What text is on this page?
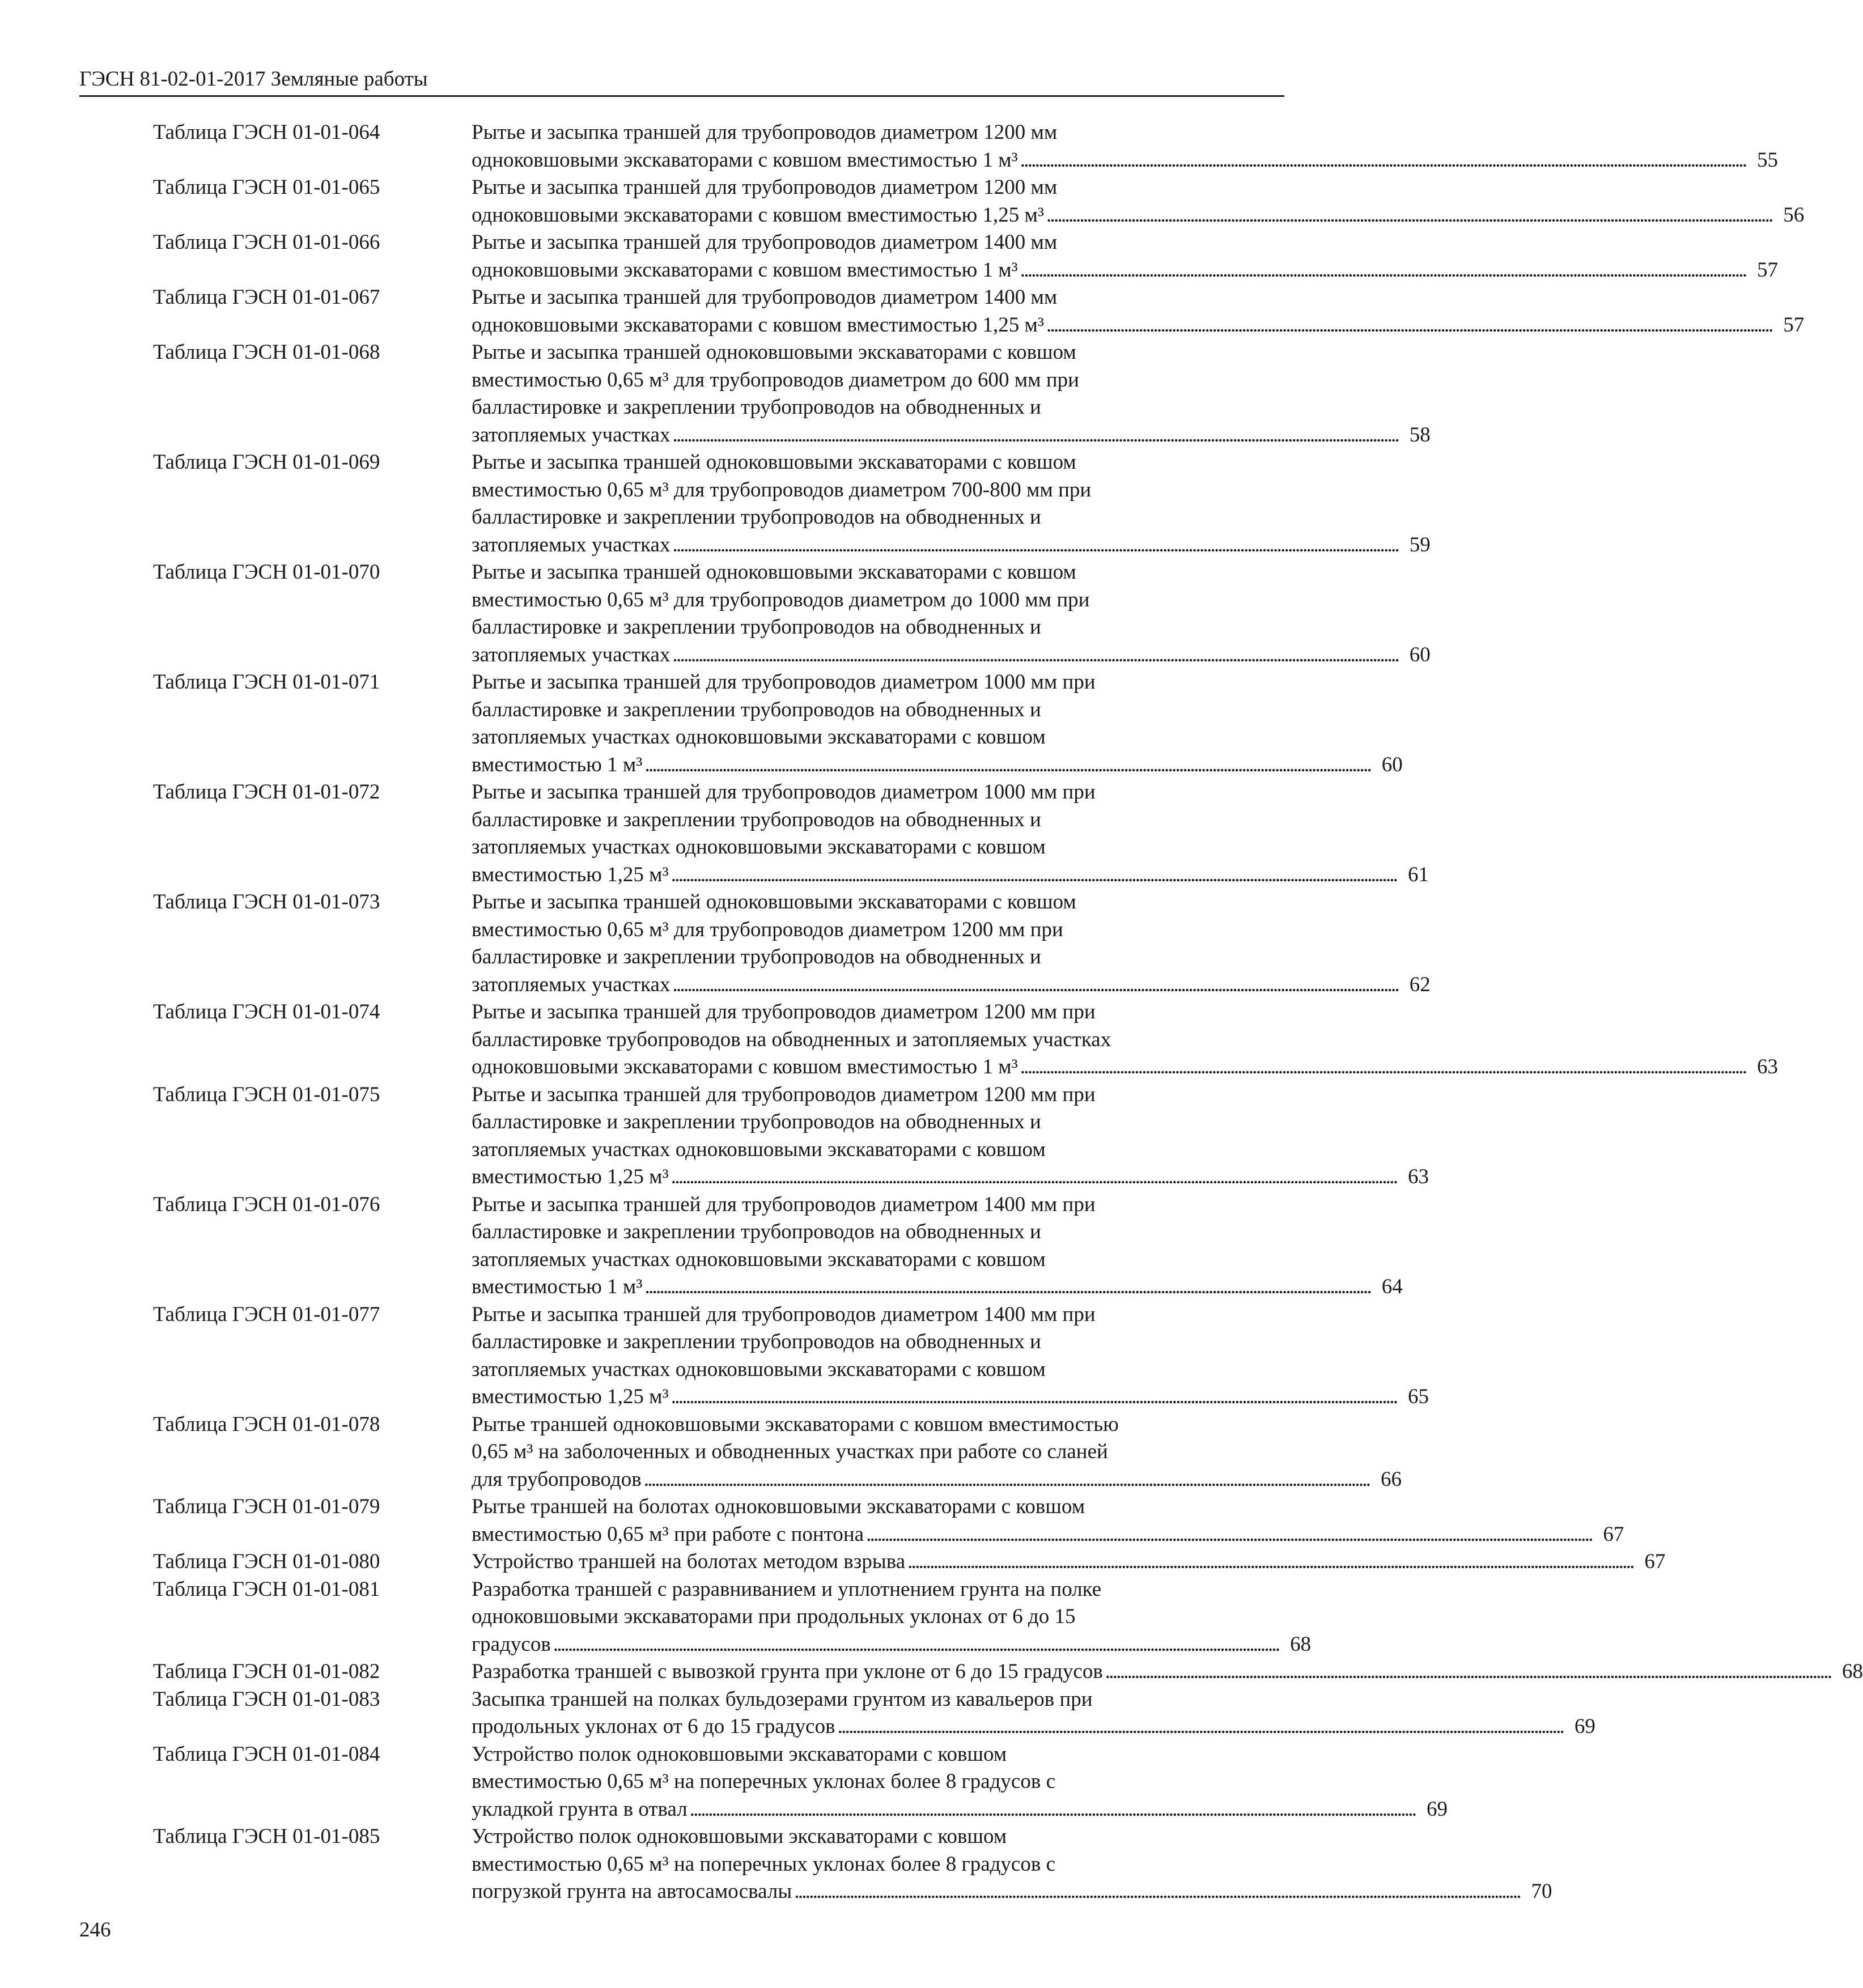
ГЭСН 81-02-01-2017 Земляные работы
Таблица ГЭСН 01-01-064	Рытье и засыпка траншей для трубопроводов диаметром 1200 мм
одноковшовыми экскаваторами с ковшом вместимостью 1 м³ . . .	55
Таблица ГЭСН 01-01-065	Рытье и засыпка траншей для трубопроводов диаметром 1200 мм
одноковшовыми экскаваторами с ковшом вместимостью 1,25 м³ . . .	56
Таблица ГЭСН 01-01-066	Рытье и засыпка траншей для трубопроводов диаметром 1400 мм
одноковшовыми экскаваторами с ковшом вместимостью 1 м³ . . .	57
Таблица ГЭСН 01-01-067	Рытье и засыпка траншей для трубопроводов диаметром 1400 мм
одноковшовыми экскаваторами с ковшом вместимостью 1,25 м³ . . .	57
Таблица ГЭСН 01-01-068	Рытье и засыпка траншей одноковшовыми экскаваторами с ковшом
вместимостью 0,65 м³ для трубопроводов диаметром до 600 мм при
балластировке и закреплении трубопроводов на обводненных и
затопляемых участках . . .	58
Таблица ГЭСН 01-01-069	Рытье и засыпка траншей одноковшовыми экскаваторами с ковшом
вместимостью 0,65 м³ для трубопроводов диаметром 700-800 мм при
балластировке и закреплении трубопроводов на обводненных и
затопляемых участках . . .	59
Таблица ГЭСН 01-01-070	Рытье и засыпка траншей одноковшовыми экскаваторами с ковшом
вместимостью 0,65 м³ для трубопроводов диаметром до 1000 мм при
балластировке и закреплении трубопроводов на обводненных и
затопляемых участках . . .	60
Таблица ГЭСН 01-01-071	Рытье и засыпка траншей для трубопроводов диаметром 1000 мм при
балластировке и закреплении трубопроводов на обводненных и
затопляемых участках одноковшовыми экскаваторами с ковшом
вместимостью 1 м³ . . .	60
Таблица ГЭСН 01-01-072	Рытье и засыпка траншей для трубопроводов диаметром 1000 мм при
балластировке и закреплении трубопроводов на обводненных и
затопляемых участках одноковшовыми экскаваторами с ковшом
вместимостью 1,25 м³ . . .	61
Таблица ГЭСН 01-01-073	Рытье и засыпка траншей одноковшовыми экскаваторами с ковшом
вместимостью 0,65 м³ для трубопроводов диаметром 1200 мм при
балластировке и закреплении трубопроводов на обводненных и
затопляемых участках . . .	62
Таблица ГЭСН 01-01-074	Рытье и засыпка траншей для трубопроводов диаметром 1200 мм при
балластировке трубопроводов на обводненных и затопляемых участках
одноковшовыми экскаваторами с ковшом вместимостью 1 м³ . . .	63
Таблица ГЭСН 01-01-075	Рытье и засыпка траншей для трубопроводов диаметром 1200 мм при
балластировке и закреплении трубопроводов на обводненных и
затопляемых участках одноковшовыми экскаваторами с ковшом
вместимостью 1,25 м³ . . .	63
Таблица ГЭСН 01-01-076	Рытье и засыпка траншей для трубопроводов диаметром 1400 мм при
балластировке и закреплении трубопроводов на обводненных и
затопляемых участках одноковшовыми экскаваторами с ковшом
вместимостью 1 м³ . . .	64
Таблица ГЭСН 01-01-077	Рытье и засыпка траншей для трубопроводов диаметром 1400 мм при
балластировке и закреплении трубопроводов на обводненных и
затопляемых участках одноковшовыми экскаваторами с ковшом
вместимостью 1,25 м³ . . .	65
Таблица ГЭСН 01-01-078	Рытье траншей одноковшовыми экскаваторами с ковшом вместимостью
0,65 м³ на заболоченных и обводненных участках при работе со сланей
для трубопроводов . . .	66
Таблица ГЭСН 01-01-079	Рытье траншей на болотах одноковшовыми экскаваторами с ковшом
вместимостью 0,65 м³ при работе с понтона . . .	67
Таблица ГЭСН 01-01-080	Устройство траншей на болотах методом взрыва . . .	67
Таблица ГЭСН 01-01-081	Разработка траншей с разравниванием и уплотнением грунта на полке
одноковшовыми экскаваторами при продольных уклонах от 6 до 15
градусов . . .	68
Таблица ГЭСН 01-01-082	Разработка траншей с вывозкой грунта при уклоне от 6 до 15 градусов . . .	68
Таблица ГЭСН 01-01-083	Засыпка траншей на полках бульдозерами грунтом из кавальеров при
продольных уклонах от 6 до 15 градусов . . .	69
Таблица ГЭСН 01-01-084	Устройство полок одноковшовыми экскаваторами с ковшом
вместимостью 0,65 м³ на поперечных уклонах более 8 градусов с
укладкой грунта в отвал . . .	69
Таблица ГЭСН 01-01-085	Устройство полок одноковшовыми экскаваторами с ковшом
вместимостью 0,65 м³ на поперечных уклонах более 8 градусов с
погрузкой грунта на автосамосвалы . . .	70
246
